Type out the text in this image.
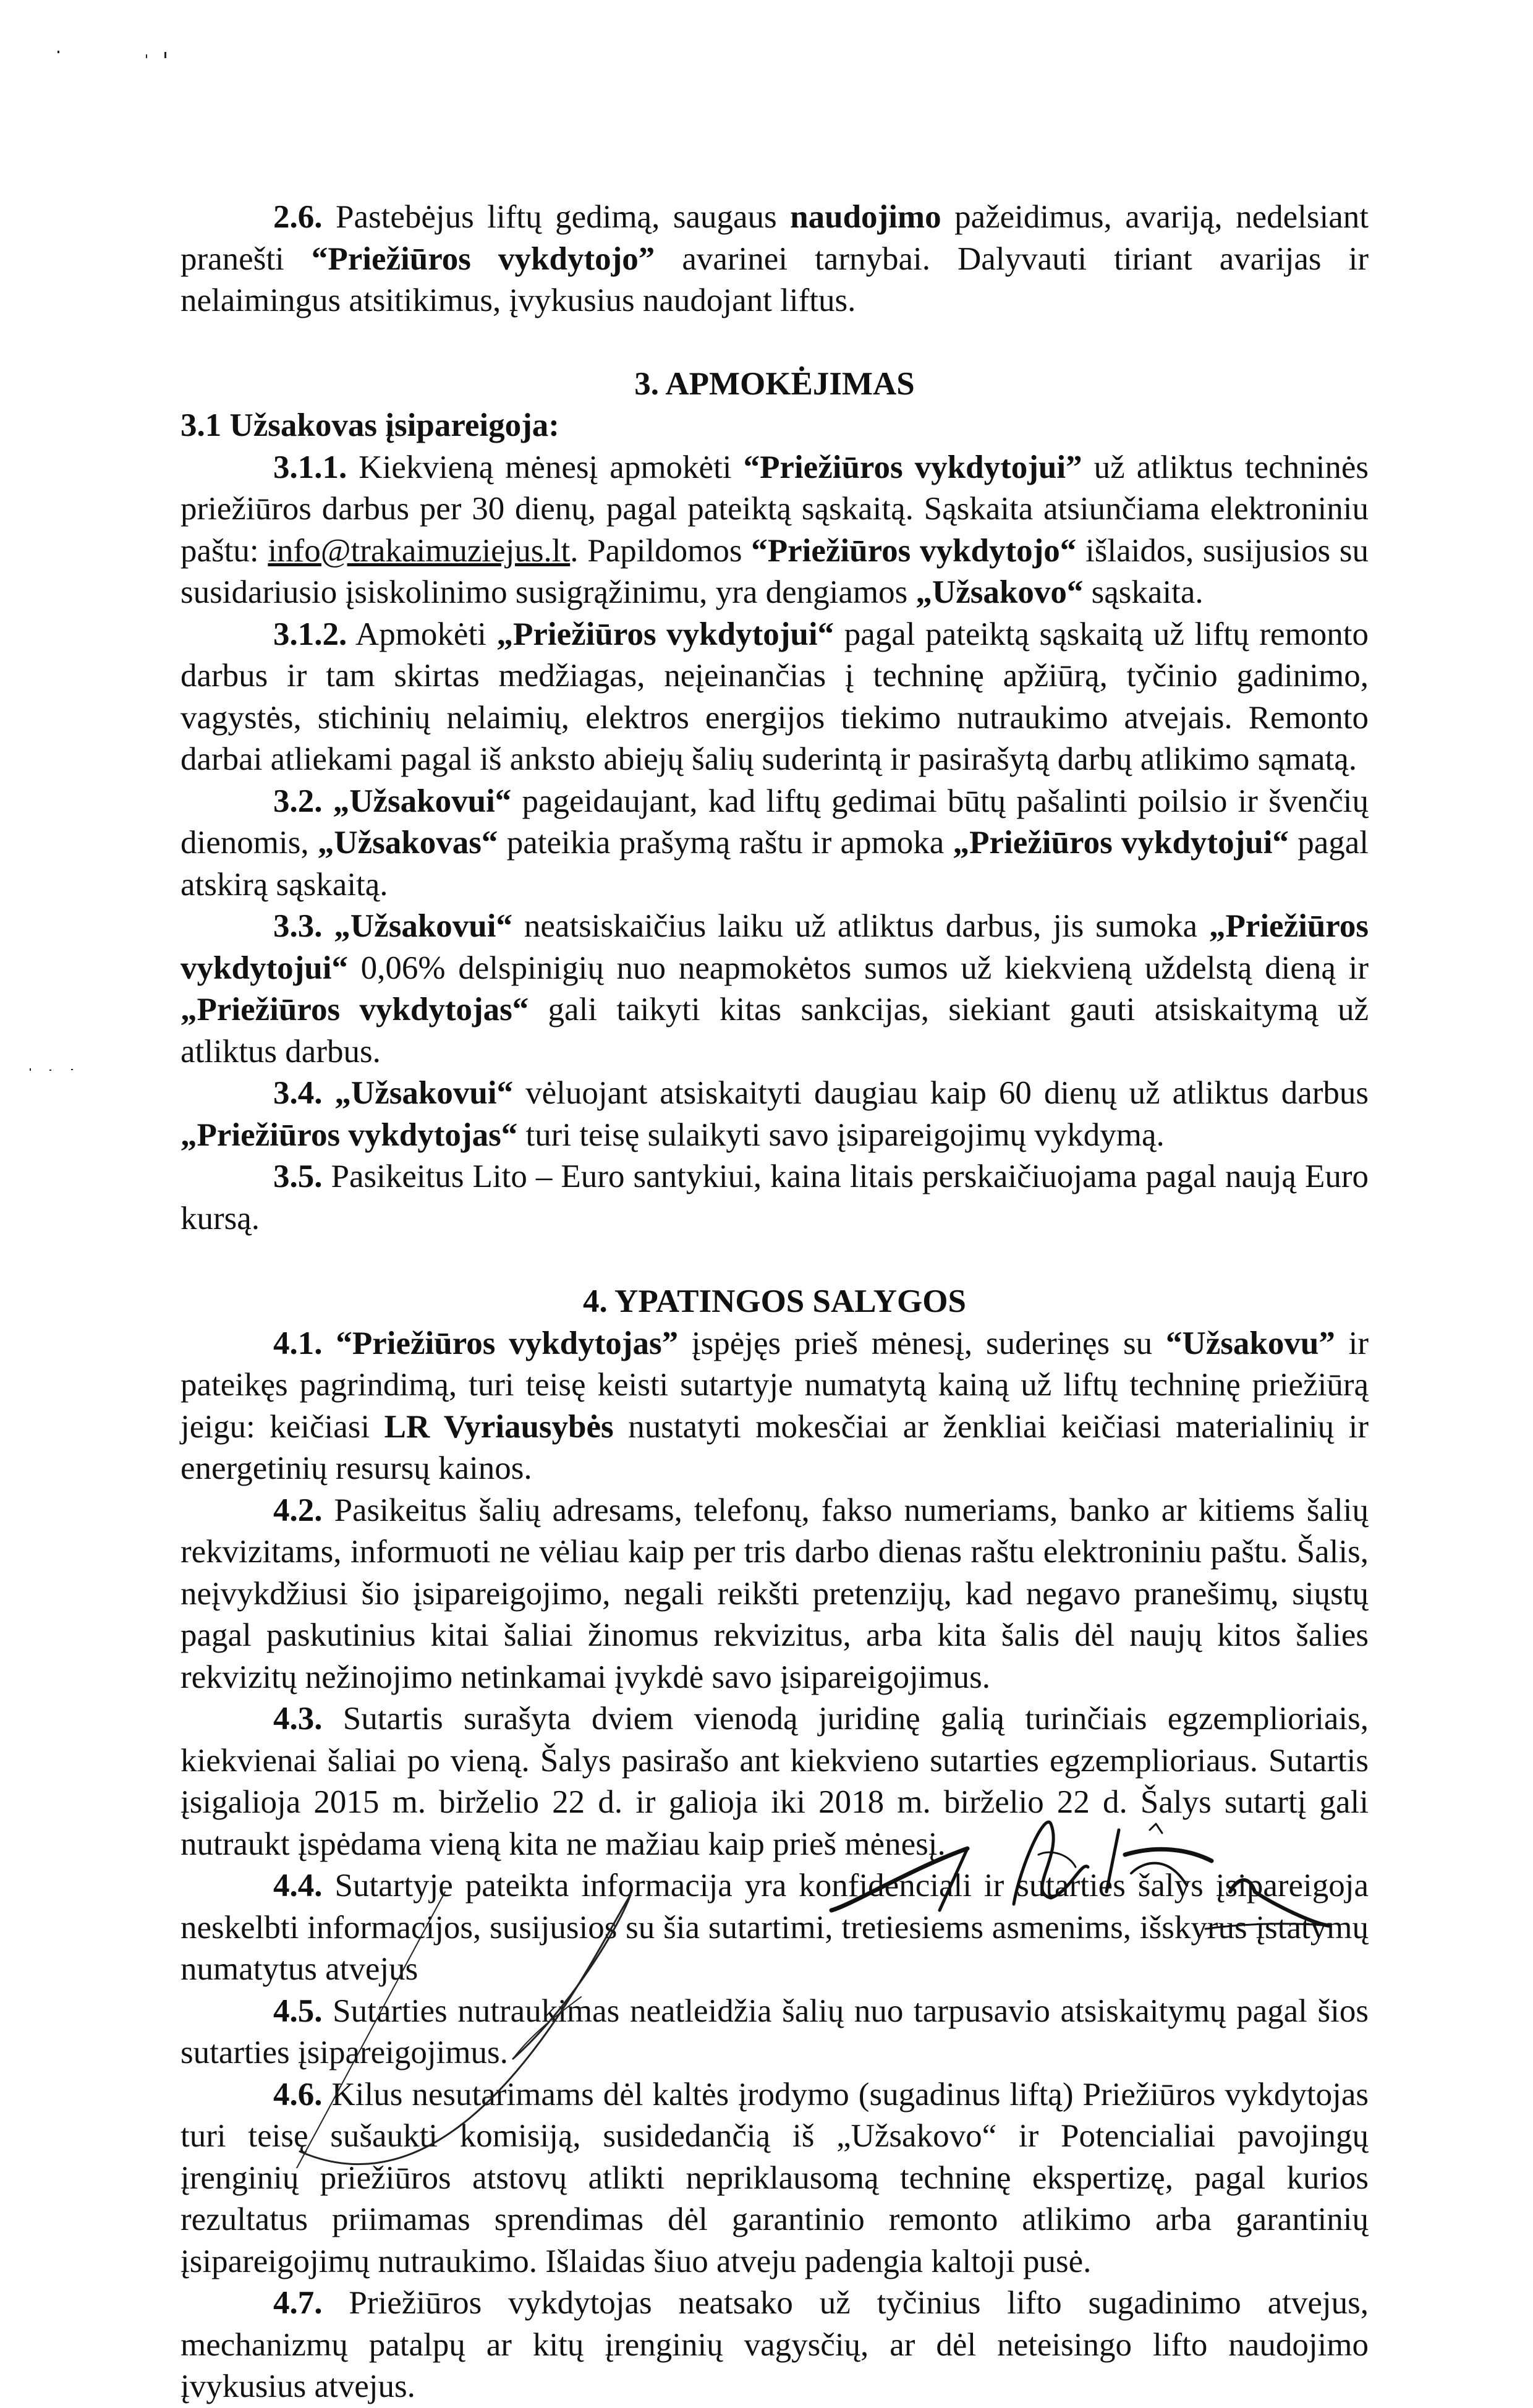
2.6. Pastebėjus liftų gedimą, saugaus naudojimo pažeidimus, avariją, nedelsiant pranešti “Priežiūros vykdytojo” avarinei tarnybai. Dalyvauti tiriant avarijas ir nelaimingus atsitikimus, įvykusius naudojant liftus.

3. APMOKĖJIMAS

3.1 Užsakovas įsipareigoja:

3.1.1. Kiekvieną mėnesį apmokėti “Priežiūros vykdytojui” už atliktus techninės priežiūros darbus per 30 dienų, pagal pateiktą sąskaitą. Sąskaita atsiunčiama elektroniniu paštu: info@trakaimuziejus.lt. Papildomos “Priežiūros vykdytojo“ išlaidos, susijusios su susidariusio įsiskolinimo susigrąžinimu, yra dengiamos „Užsakovo“ sąskaita.

3.1.2. Apmokėti „Priežiūros vykdytojui“ pagal pateiktą sąskaitą už liftų remonto darbus ir tam skirtas medžiagas, neįeinančias į techninę apžiūrą, tyčinio gadinimo, vagystės, stichinių nelaimių, elektros energijos tiekimo nutraukimo atvejais. Remonto darbai atliekami pagal iš anksto abiejų šalių suderintą ir pasirašytą darbų atlikimo sąmatą.

3.2. „Užsakovui“ pageidaujant, kad liftų gedimai būtų pašalinti poilsio ir švenčių dienomis, „Užsakovas“ pateikia prašymą raštu ir apmoka „Priežiūros vykdytojui“ pagal atskirą sąskaitą.

3.3. „Užsakovui“ neatsiskaičius laiku už atliktus darbus, jis sumoka „Priežiūros vykdytojui“ 0,06% delspinigių nuo neapmokėtos sumos už kiekvieną uždelstą dieną ir „Priežiūros vykdytojas“ gali taikyti kitas sankcijas, siekiant gauti atsiskaitymą už atliktus darbus.

3.4. „Užsakovui“ vėluojant atsiskaityti daugiau kaip 60 dienų už atliktus darbus „Priežiūros vykdytojas“ turi teisę sulaikyti savo įsipareigojimų vykdymą.

3.5. Pasikeitus Lito – Euro santykiui, kaina litais perskaičiuojama pagal naują Euro kursą.

4. YPATINGOS SALYGOS

4.1. “Priežiūros vykdytojas” įspėjęs prieš mėnesį, suderinęs su “Užsakovu” ir pateikęs pagrindimą, turi teisę keisti sutartyje numatytą kainą už liftų techninę priežiūrą jeigu: keičiasi LR Vyriausybės nustatyti mokesčiai ar ženkliai keičiasi materialinių ir energetinių resursų kainos.

4.2. Pasikeitus šalių adresams, telefonų, fakso numeriams, banko ar kitiems šalių rekvizitams, informuoti ne vėliau kaip per tris darbo dienas raštu elektroniniu paštu. Šalis, neįvykdžiusi šio įsipareigojimo, negali reikšti pretenzijų, kad negavo pranešimų, siųstų pagal paskutinius kitai šaliai žinomus rekvizitus, arba kita šalis dėl naujų kitos šalies rekvizitų nežinojimo netinkamai įvykdė savo įsipareigojimus.

4.3. Sutartis surašyta dviem vienodą juridinę galią turinčiais egzemplioriais, kiekvienai šaliai po vieną. Šalys pasirašo ant kiekvieno sutarties egzemplioriaus. Sutartis įsigalioja 2015 m. birželio 22 d. ir galioja iki 2018 m. birželio 22 d. Šalys sutartį gali nutraukt įspėdama vieną kita ne mažiau kaip prieš mėnesį.

4.4. Sutartyje pateikta informacija yra konfidenciali ir sutarties šalys įsipareigoja neskelbti informacijos, susijusios su šia sutartimi, tretiesiems asmenims, išskyrus įstatymų numatytus atvejus

4.5. Sutarties nutraukimas neatleidžia šalių nuo tarpusavio atsiskaitymų pagal šios sutarties įsipareigojimus.

4.6. Kilus nesutarimams dėl kaltės įrodymo (sugadinus liftą) Priežiūros vykdytojas turi teisę sušaukti komisiją, susidedančią iš „Užsakovo“ ir Potencialiai pavojingų įrenginių priežiūros atstovų atlikti nepriklausomą techninę ekspertizę, pagal kurios rezultatus priimamas sprendimas dėl garantinio remonto atlikimo arba garantinių įsipareigojimų nutraukimo. Išlaidas šiuo atveju padengia kaltoji pusė.

4.7. Priežiūros vykdytojas neatsako už tyčinius lifto sugadinimo atvejus, mechanizmų patalpų ar kitų įrenginių vagysčių, ar dėl neteisingo lifto naudojimo įvykusius atvejus.
